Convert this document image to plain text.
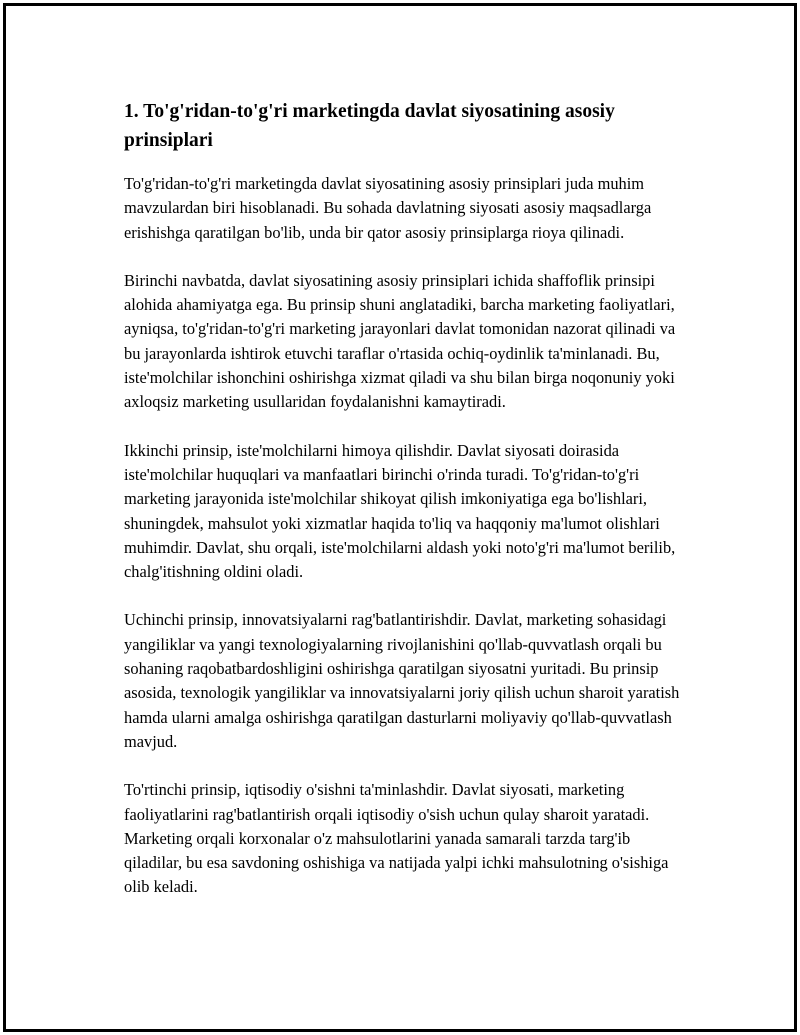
1. To'g'ridan-to'g'ri marketingda davlat siyosatining asosiy prinsiplari

To'g'ridan-to'g'ri marketingda davlat siyosatining asosiy prinsiplari juda muhim mavzulardan biri hisoblanadi. Bu sohada davlatning siyosati asosiy maqsadlarga erishishga qaratilgan bo'lib, unda bir qator asosiy prinsiplarga rioya qilinadi.

Birinchi navbatda, davlat siyosatining asosiy prinsiplari ichida shaffoflik prinsipi alohida ahamiyatga ega. Bu prinsip shuni anglatadiki, barcha marketing faoliyatlari, ayniqsa, to'g'ridan-to'g'ri marketing jarayonlari davlat tomonidan nazorat qilinadi va bu jarayonlarda ishtirok etuvchi taraflar o'rtasida ochiq-oydinlik ta'minlanadi. Bu, iste'molchilar ishonchini oshirishga xizmat qiladi va shu bilan birga noqonuniy yoki axloqsiz marketing usullaridan foydalanishni kamaytiradi.

Ikkinchi prinsip, iste'molchilarni himoya qilishdir. Davlat siyosati doirasida iste'molchilar huquqlari va manfaatlari birinchi o'rinda turadi. To'g'ridan-to'g'ri marketing jarayonida iste'molchilar shikoyat qilish imkoniyatiga ega bo'lishlari, shuningdek, mahsulot yoki xizmatlar haqida to'liq va haqqoniy ma'lumot olishlari muhimdir. Davlat, shu orqali, iste'molchilarni aldash yoki noto'g'ri ma'lumot berilib, chalg'itishning oldini oladi.

Uchinchi prinsip, innovatsiyalarni rag'batlantirishdir. Davlat, marketing sohasidagi yangiliklar va yangi texnologiyalarning rivojlanishini qo'llab-quvvatlash orqali bu sohaning raqobatbardoshligini oshirishga qaratilgan siyosatni yuritadi. Bu prinsip asosida, texnologik yangiliklar va innovatsiyalarni joriy qilish uchun sharoit yaratish hamda ularni amalga oshirishga qaratilgan dasturlarni moliyaviy qo'llab-quvvatlash mavjud.

To'rtinchi prinsip, iqtisodiy o'sishni ta'minlashdir. Davlat siyosati, marketing faoliyatlarini rag'batlantirish orqali iqtisodiy o'sish uchun qulay sharoit yaratadi. Marketing orqali korxonalar o'z mahsulotlarini yanada samarali tarzda targ'ib qiladilar, bu esa savdoning oshishiga va natijada yalpi ichki mahsulotning o'sishiga olib keladi.
